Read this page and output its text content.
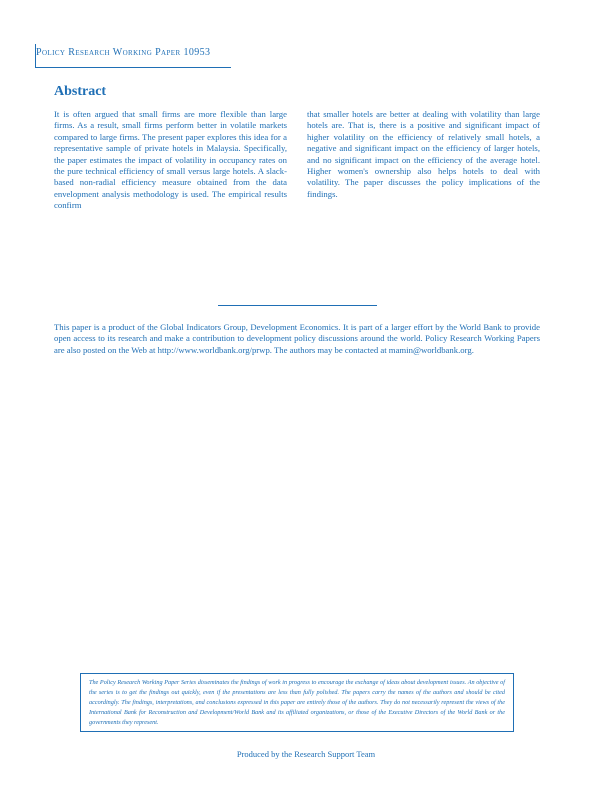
Policy Research Working Paper 10953
Abstract

It is often argued that small firms are more flexible than large firms. As a result, small firms perform better in volatile markets compared to large firms. The present paper explores this idea for a representative sample of private hotels in Malaysia. Specifically, the paper estimates the impact of volatility in occupancy rates on the pure technical efficiency of small versus large hotels. A slack-based non-radial efficiency measure obtained from the data envelopment analysis methodology is used. The empirical results confirm

that smaller hotels are better at dealing with volatility than large hotels are. That is, there is a positive and significant impact of higher volatility on the efficiency of relatively small hotels, a negative and significant impact on the efficiency of larger hotels, and no significant impact on the efficiency of the average hotel. Higher women's ownership also helps hotels to deal with volatility. The paper discusses the policy implications of the findings.

This paper is a product of the Global Indicators Group, Development Economics. It is part of a larger effort by the World Bank to provide open access to its research and make a contribution to development policy discussions around the world. Policy Research Working Papers are also posted on the Web at http://www.worldbank.org/prwp. The authors may be contacted at mamin@worldbank.org.

The Policy Research Working Paper Series disseminates the findings of work in progress to encourage the exchange of ideas about development issues. An objective of the series is to get the findings out quickly, even if the presentations are less than fully polished. The papers carry the names of the authors and should be cited accordingly. The findings, interpretations, and conclusions expressed in this paper are entirely those of the authors. They do not necessarily represent the views of the International Bank for Reconstruction and Development/World Bank and its affiliated organizations, or those of the Executive Directors of the World Bank or the governments they represent.

Produced by the Research Support Team
